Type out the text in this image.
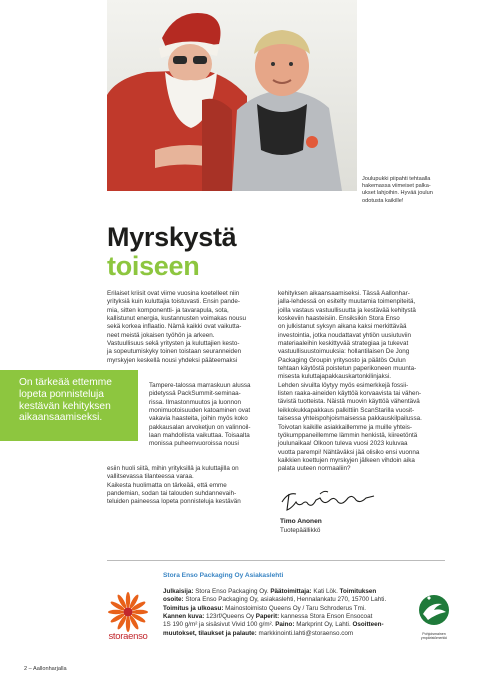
Joulupukki piipahti tehtaalla
hakemassa viimeiset palka-
ukset lahjoihin. Hyvää joulun
odotusta kaikille!
Myrskystä
toiseen

Erilaiset kriisit ovat viime vuosina koetelleet niin

yrityksiä kuin kuluttajia toistuvasti. Ensin pande-

mia, sitten komponentti- ja tavarapula, sota,

kallistunut energia, kustannusten voimakas nousu

sekä korkea inflaatio. Nämä kaikki ovat vaikutta-

neet meistä jokaisen työhön ja arkeen.

Vastuullisuus sekä yritysten ja kuluttajien kesto-

ja sopeutumiskyky toinen toistaan seuranneiden

myrskyjen keskellä nousi yhdeksi pääteemaksi

On tärkeää ettemme
lopeta ponnisteluja
kestävän kehityksen
aikaansaamiseksi.

Tampere-talossa marraskuun alussa

pidetyssä PackSummit-seminaa-

rissa. Ilmastonmuutos ja luonnon

monimuotoisuuden katoaminen ovat

vakavia haasteita, joihin myös koko

pakkausalan arvoketjun on valinnoil-

laan mahdollista vaikuttaa. Toisaalta

monissa puheenvuoroissa nousi

esiin huoli siitä, mihin yrityksillä ja kuluttajilla on

vallitsevassa tilanteessa varaa.

Kaikesta huolimatta on tärkeää, että emme

pandemian, sodan tai talouden suhdannevaih-

teluiden paineessa lopeta ponnisteluja kestävän

kehityksen aikaansaamiseksi. Tässä Aallonhar-

jalla-lehdessä on esitelty muutamia toimenpiteitä,

joilla vastaus vastuullisuutta ja kestävää kehitystä

koskeviin haasteisiin. Ensiksikin Stora Enso

on julkistanut syksyn aikana kaksi merkittävää

investointia, jotka noudattavat yhtiön uusiutuviin

materiaaleihin keskittyvää strategiaa ja tukevat

vastuullisuustoimuuksia: hollantilaisen De Jong

Packaging Groupin yritysosto ja päätös Oulun

tehtaan käytöstä poistetun paperikoneen muunta-

misesta kuluttajapakkauskartonkilinjaksi.

Lehden sivuilta löytyy myös esimerkkejä fossii-

listen raaka-aineiden käyttöä korvaavista tai vähen-

tävistä tuotteista. Näistä muovin käyttöä vähentävä

leikkokukkapakkaus palkittiin ScanStarilla vuosit-

taisessa yhteispohjoismaisessa pakkauskilpailussa.

Toivotan kaikille asiakkaillemme ja muille yhteis-

työkumppaneillemme lämmin henkistä, kiireetöntä

joulunaikaa! Olkoon tuleva vuosi 2023 kuluvaa

vuotta parempi! Nähtäväksi jää olisiko ensi vuonna

kaikkien koettujen myrskyjen jälkeen vihdoin aika

palata uuteen normaaliin?

Timo Anonen
Tuotepäällikkö
Stora Enso Packaging Oy Asiakaslehti

Julkaisija: Stora Enso Packaging Oy. Päätoimittaja: Kati Lök. Toimituksen

osoite: Stora Enso Packaging Oy, asiakaslehti, Hennalankatu 270, 15700 Lahti.

Toimitus ja ulkoasu: Mainostoimisto Queens Oy / Taru Schroderus Tmi.

Kannen kuva: 123rf/Queens Oy Paperit: kannessa Stora Enson Ensocoat

1S 190 g/m² ja sisäsivut Vivid 100 g/m². Paino: Markprint Oy, Lahti. Osoitteen-

muutokset, tilaukset ja palaute: markkinointi.lahti@storaenso.com

storaenso	Pohjoismainen
ympäristömerkki
2 – Aallonharjalla
